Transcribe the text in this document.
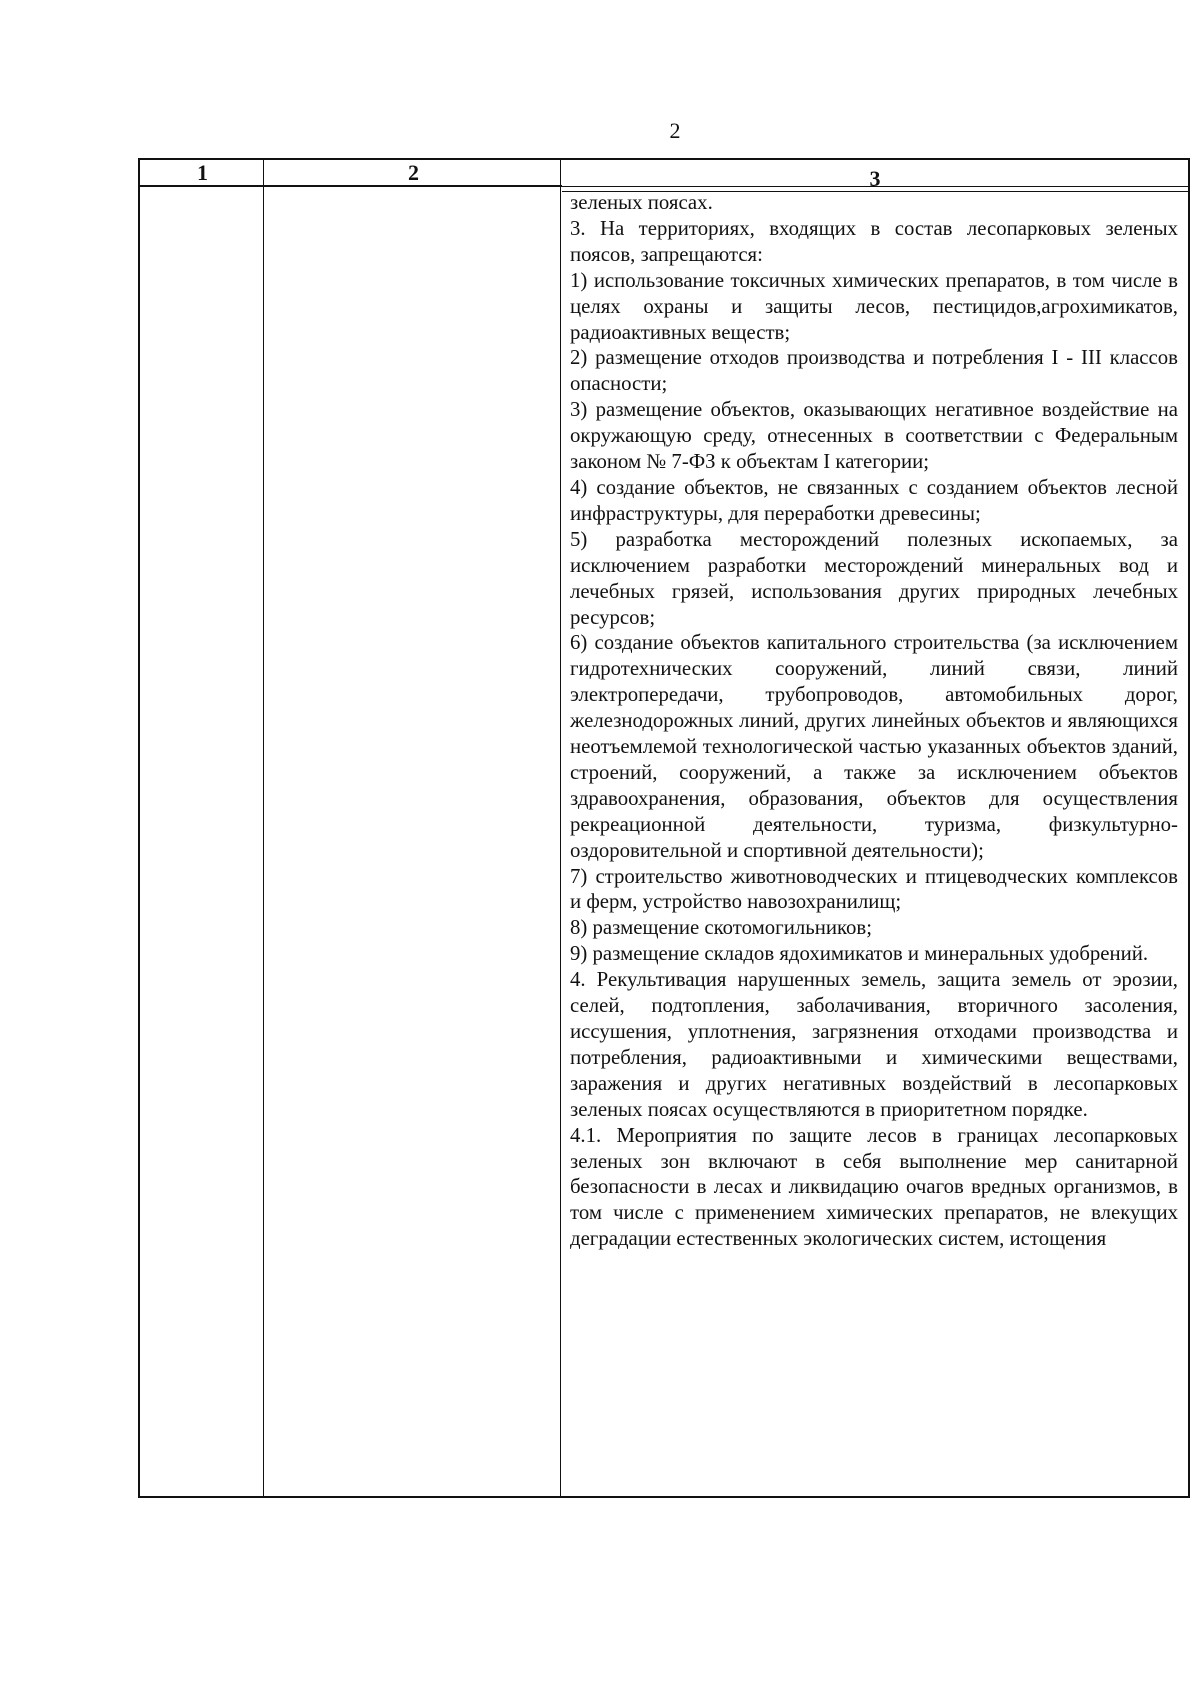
2
1	2	3

зеленых поясах.

3. На территориях, входящих в состав лесопарковых зеленых поясов, запрещаются:

1) использование токсичных химических препаратов, в том числе в целях охраны и защиты лесов, пестицидов,агрохимикатов, радиоактивных веществ;

2) размещение отходов производства и потребления I - III классов опасности;

3) размещение объектов, оказывающих негативное воздействие на окружающую среду, отнесенных в соответствии с Федеральным законом № 7-ФЗ к объектам I категории;

4) создание объектов, не связанных с созданием объектов лесной инфраструктуры, для переработки древесины;

5) разработка месторождений полезных ископаемых, за исключением разработки месторождений минеральных вод и лечебных грязей, использования других природных лечебных ресурсов;

6) создание объектов капитального строительства (за исключением гидротехнических сооружений, линий связи, линий электропередачи, трубопроводов, автомобильных дорог, железнодорожных линий, других линейных объектов и являющихся неотъемлемой технологической частью указанных объектов зданий, строений, сооружений, а также за исключением объектов здравоохранения, образования, объектов для осуществления рекреационной деятельности, туризма, физкультурно-оздоровительной и спортивной деятельности);

7) строительство животноводческих и птицеводческих комплексов и ферм, устройство навозохранилищ;

8) размещение скотомогильников;

9) размещение складов ядохимикатов и минеральных удобрений.

4. Рекультивация нарушенных земель, защита земель от эрозии, селей, подтопления, заболачивания, вторичного засоления, иссушения, уплотнения, загрязнения отходами производства и потребления, радиоактивными и химическими веществами, заражения и других негативных воздействий в лесопарковых зеленых поясах осуществляются в приоритетном порядке.

4.1. Мероприятия по защите лесов в границах лесопарковых зеленых зон включают в себя выполнение мер санитарной безопасности в лесах и ликвидацию очагов вредных организмов, в том числе с применением химических препаратов, не влекущих деградации естественных экологических систем, истощения
